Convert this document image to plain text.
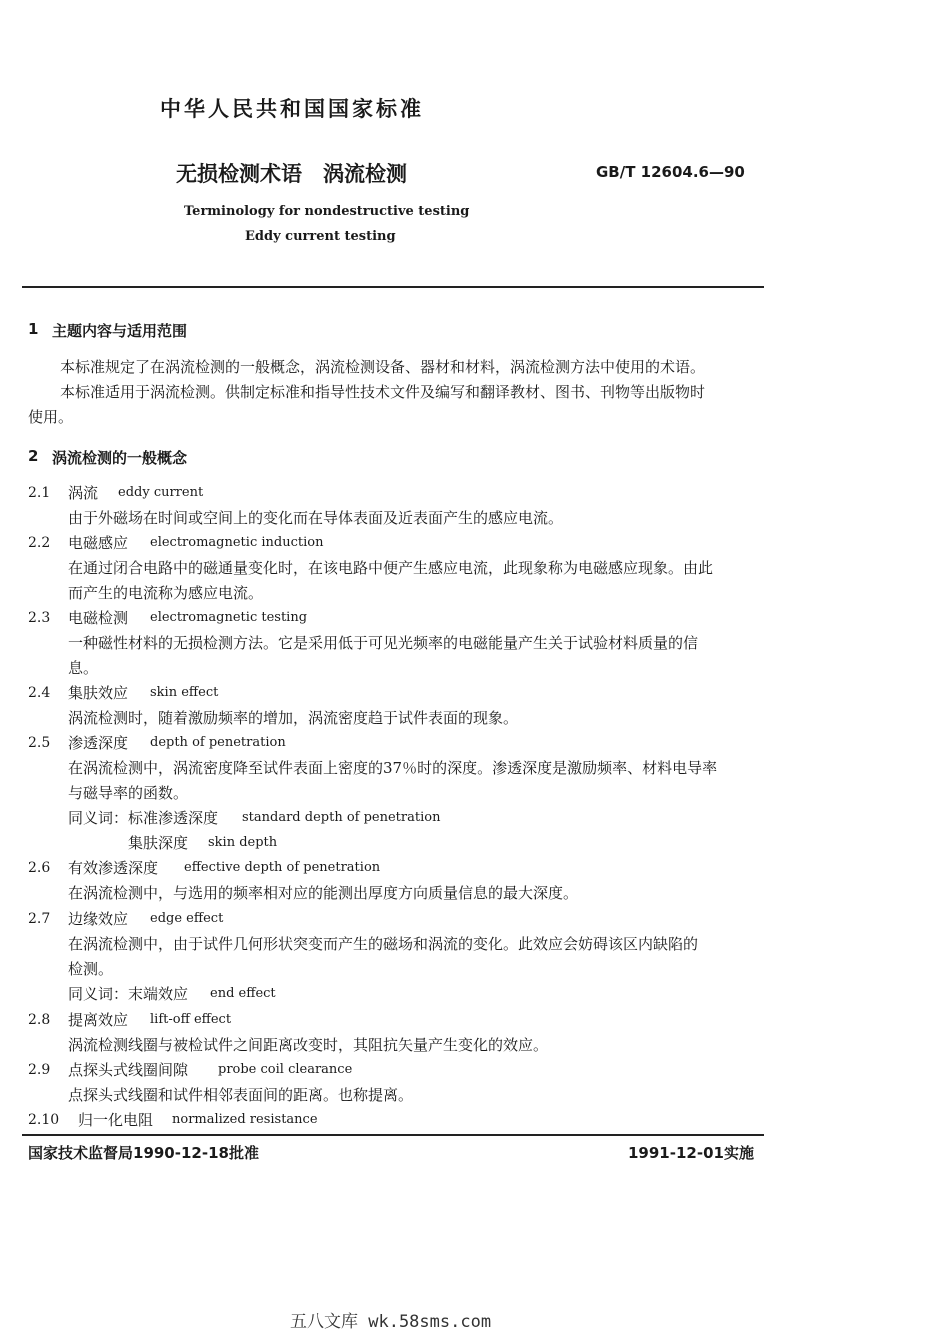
中华人民共和国国家标准
无损检测术语　涡流检测	GB/T 12604.6—90
Terminology for nondestructive testing
Eddy current testing
1 主题内容与适用范围
本标准规定了在涡流检测的一般概念，涡流检测设备、器材和材料，涡流检测方法中使用的术语。
本标准适用于涡流检测。供制定标准和指导性技术文件及编写和翻译教材、图书、刊物等出版物时
使用。
2 涡流检测的一般概念
2.1 涡流 eddy current
由于外磁场在时间或空间上的变化而在导体表面及近表面产生的感应电流。
2.2 电磁感应 electromagnetic induction
在通过闭合电路中的磁通量变化时，在该电路中便产生感应电流，此现象称为电磁感应现象。由此
而产生的电流称为感应电流。
2.3 电磁检测 electromagnetic testing
一种磁性材料的无损检测方法。它是采用低于可见光频率的电磁能量产生关于试验材料质量的信
息。
2.4 集肤效应 skin effect
涡流检测时，随着激励频率的增加，涡流密度趋于试件表面的现象。
2.5 渗透深度 depth of penetration
在涡流检测中，涡流密度降至试件表面上密度的37％时的深度。渗透深度是激励频率、材料电导率
与磁导率的函数。
同义词： 标准渗透深度 standard depth of penetration
集肤深度 skin depth
2.6 有效渗透深度 effective depth of penetration
在涡流检测中，与选用的频率相对应的能测出厚度方向质量信息的最大深度。
2.7 边缘效应 edge effect
在涡流检测中，由于试件几何形状突变而产生的磁场和涡流的变化。此效应会妨碍该区内缺陷的
检测。
同义词： 末端效应 end effect
2.8 提离效应 lift-off effect
涡流检测线圈与被检试件之间距离改变时，其阻抗矢量产生变化的效应。
2.9 点探头式线圈间隙 probe coil clearance
点探头式线圈和试件相邻表面间的距离。也称提离。
2.10 归一化电阻 normalized resistance
国家技术监督局1990-12-18批准	1991-12-01实施
五八文库 wk.58sms.com
